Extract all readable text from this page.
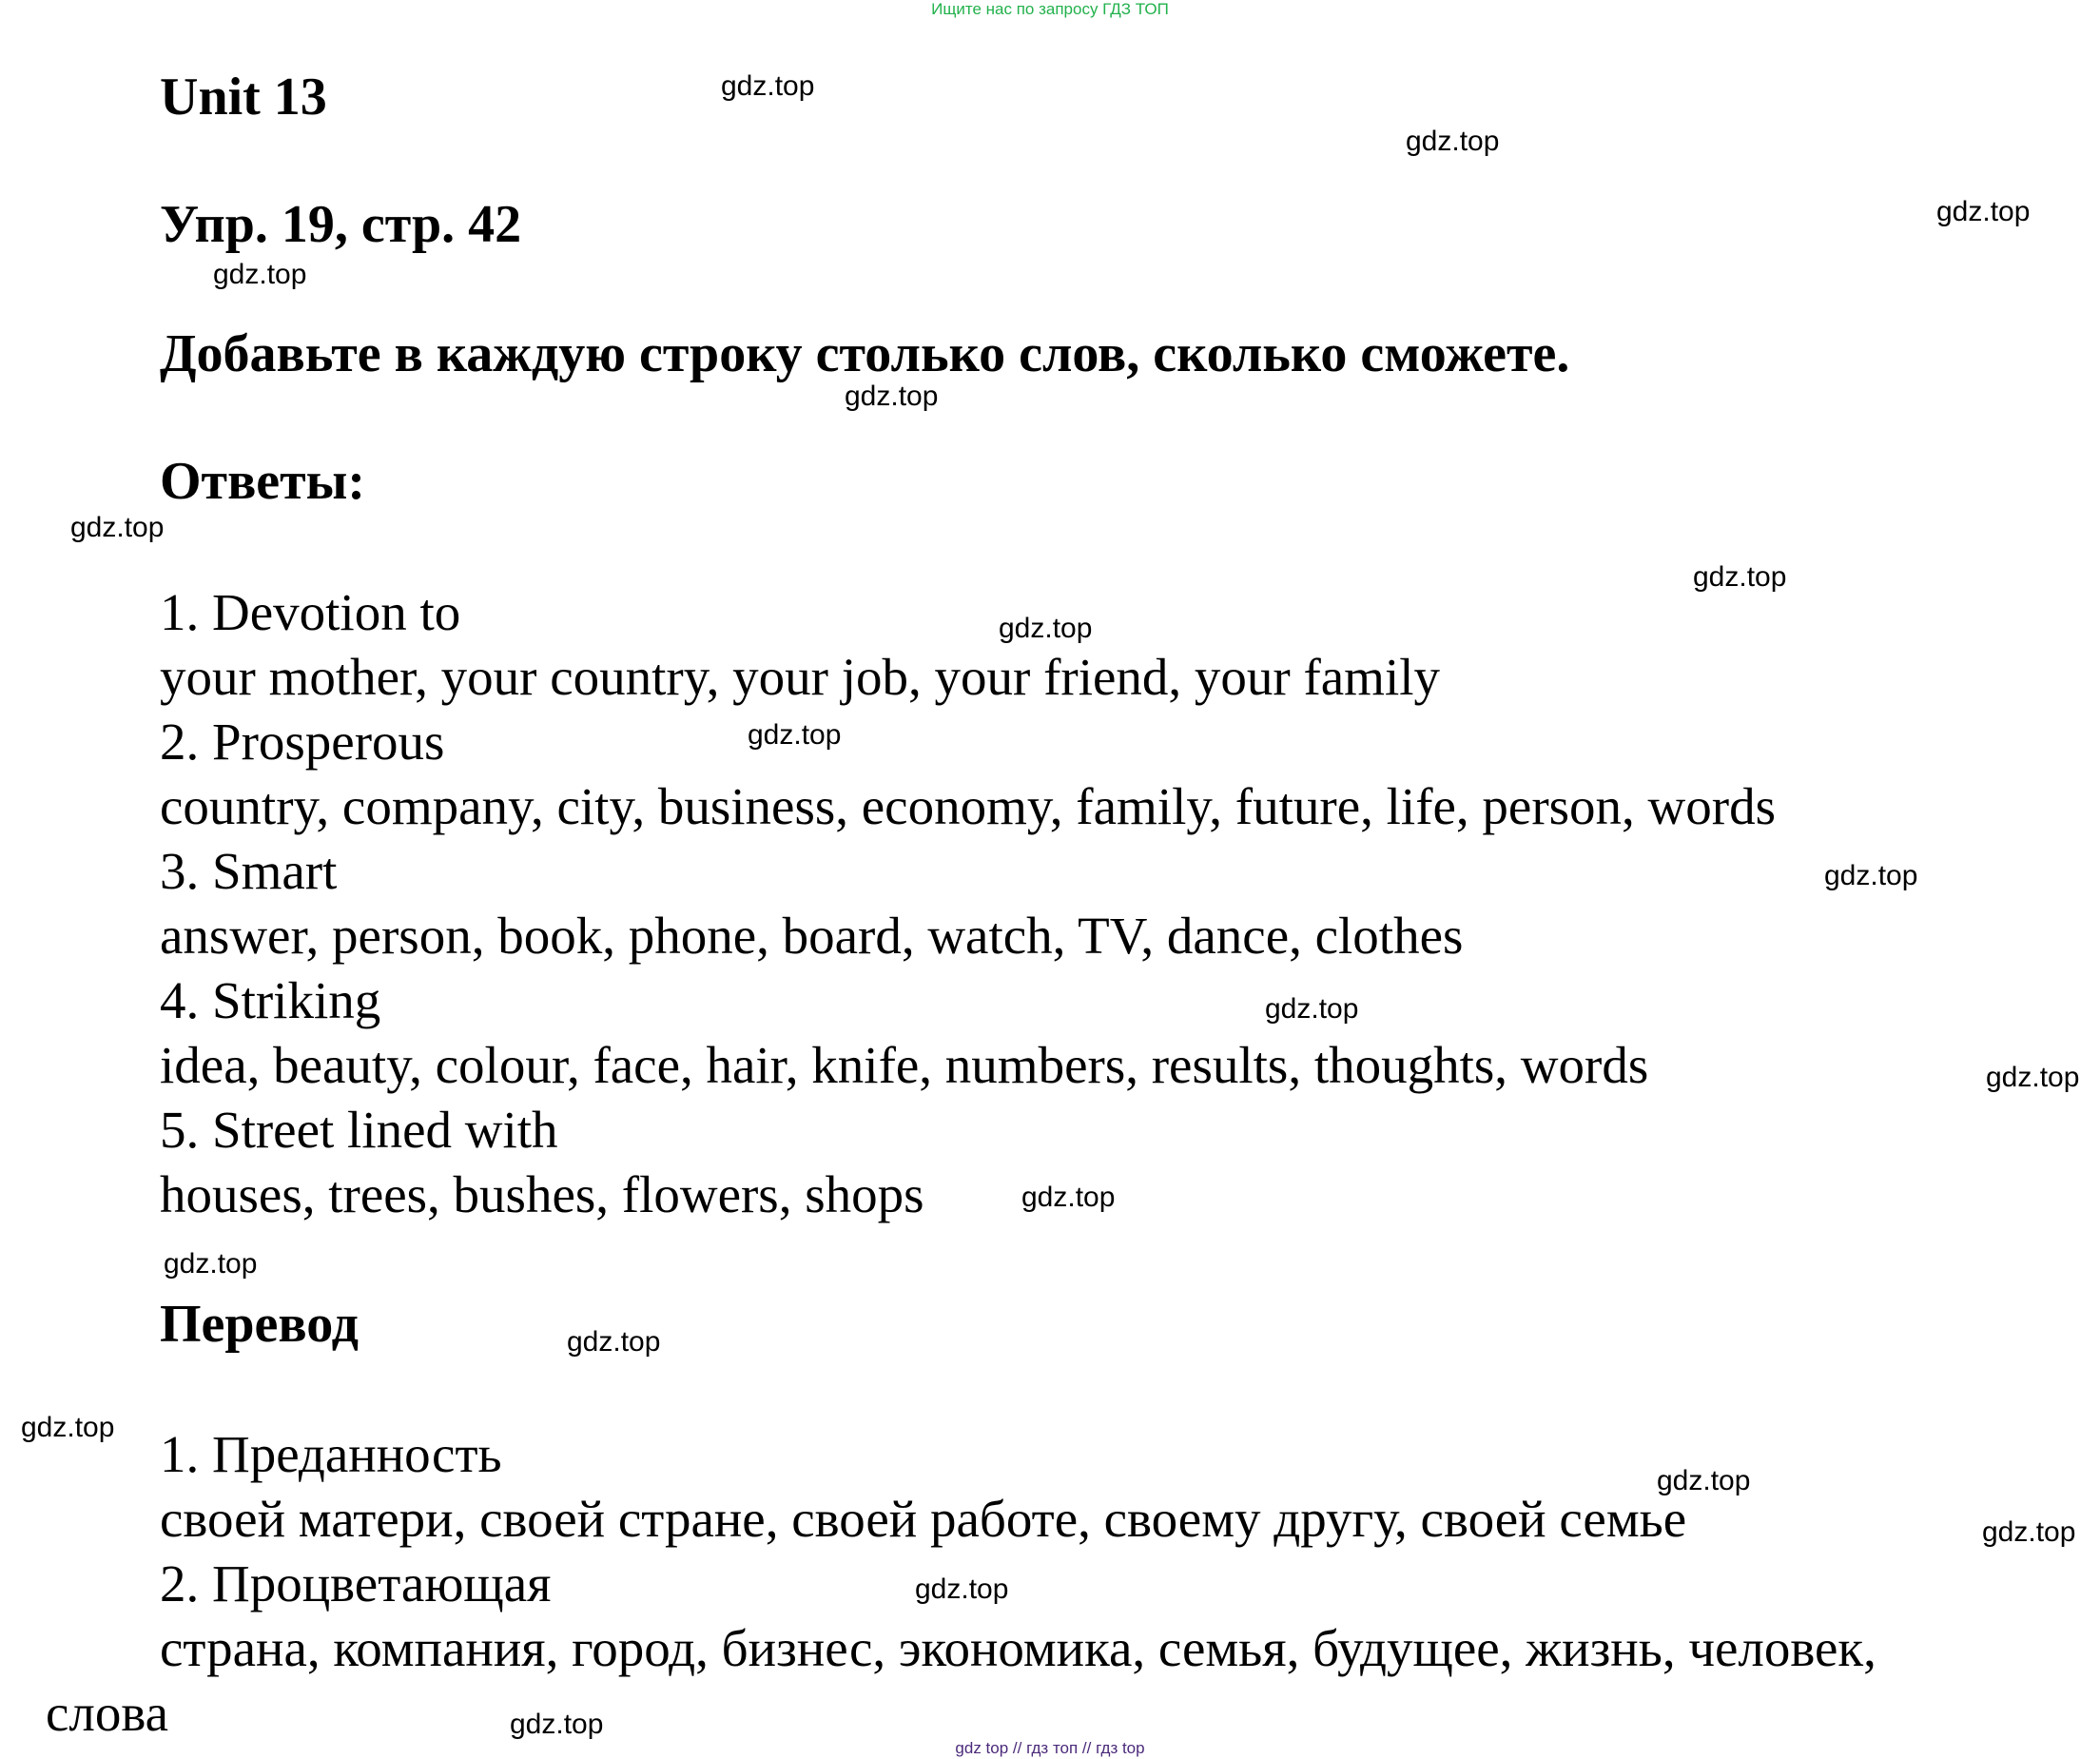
Ищите нас по запросу ГДЗ ТОП
Unit 13
Упр. 19, стр. 42
Добавьте в каждую строку столько слов, сколько сможете.
Ответы:
1. Devotion to
your mother, your country, your job, your friend, your family
2. Prosperous
country, company, city, business, economy, family, future, life, person, words
3. Smart
answer, person, book, phone, board, watch, TV, dance, clothes
4. Striking
idea, beauty, colour, face, hair, knife, numbers, results, thoughts, words
5. Street lined with
houses, trees, bushes, flowers, shops
Перевод
1. Преданность
своей матери, своей стране, своей работе, своему другу, своей семье
2. Процветающая
страна, компания, город, бизнес, экономика, семья, будущее, жизнь, человек,
слова
gdz.top
gdz.top
gdz.top
gdz.top
gdz.top
gdz.top
gdz.top
gdz.top
gdz.top
gdz.top
gdz.top
gdz.top
gdz.top
gdz.top
gdz.top
gdz.top
gdz.top
gdz.top
gdz.top
gdz.top
gdz top // гдз топ // гдз top
